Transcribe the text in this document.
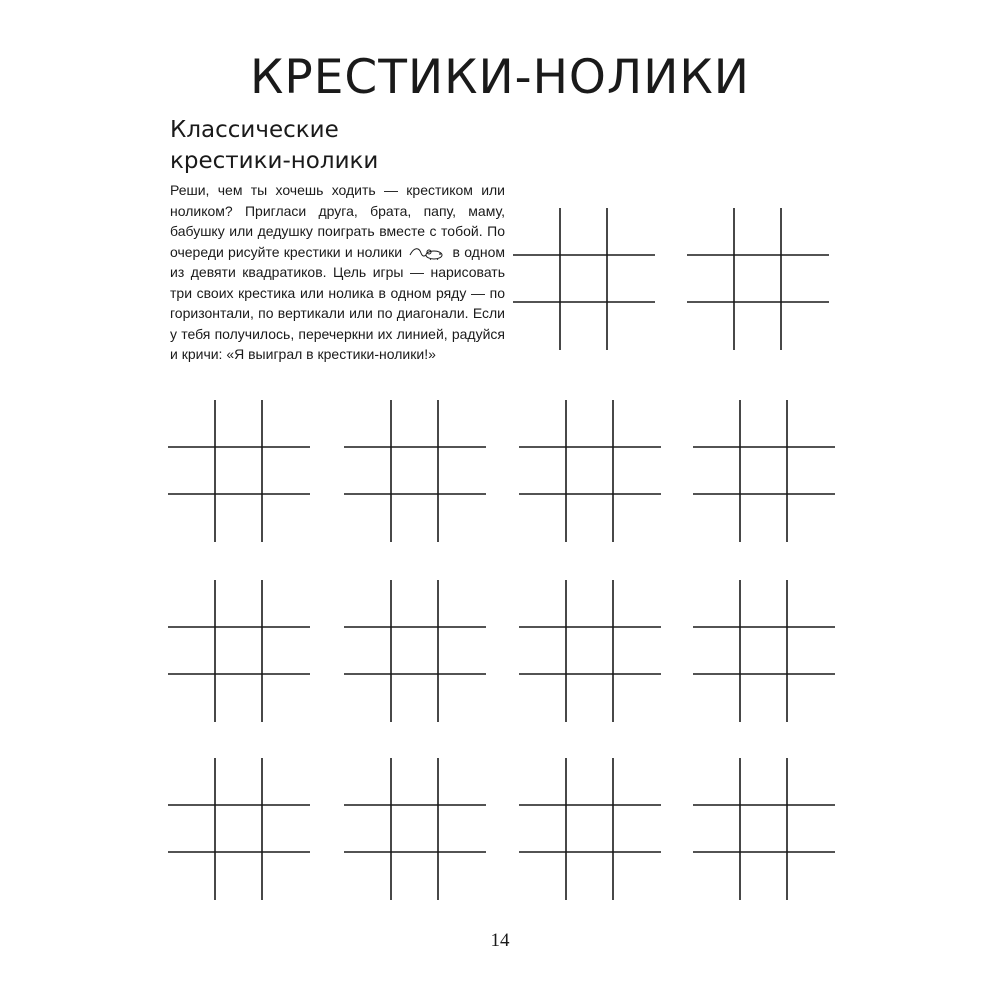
КРЕСТИКИ-НОЛИКИ
Классические
крестики-нолики

Реши, чем ты хочешь ходить — крестиком или ноликом? Пригласи друга, брата, папу, маму, бабушку или дедушку поиграть вместе с тобой. По очереди рисуйте крестики и нолики	в одном из девяти квадратиков. Цель игры — нарисовать три своих крестика или нолика в одном ряду — по горизонтали, по вертикали или по диагонали. Если у тебя получилось, перечеркни их линией, радуйся и кричи: «Я выиграл в крестики-нолики!»

14
